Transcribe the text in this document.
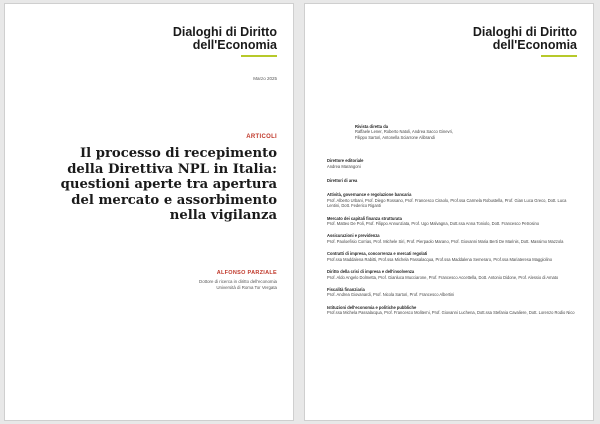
Dialoghi di Diritto
dell'Economia
Marzo 2025
ARTICOLI
Il processo di recepimento della Direttiva NPL in Italia: questioni aperte tra apertura del mercato e assorbimento nella vigilanza
ALFONSO PARZIALE
Dottore di ricerca in diritto dell'economia
Università di Roma Tor Vergata
Dialoghi di Diritto
dell'Economia
Rivista diretta da
Raffaele Lener, Roberto Natoli, Andrea Sacco Ginevri,
Filippo Sartori, Antonella Sciarrone Alibrandi
Direttore editoriale
Andrea Marangoni
Direttori di area
Attività, governance e regolazione bancaria
Prof. Alberto Urbani, Prof. Diego Rossano, Prof. Francesco Ciraolo, Prof.ssa Carmela Robustella, Prof. Gian Luca Greco, Dott. Luca Lentini, Dott. Federico Riganti
Mercato dei capitali finanza strutturata
Prof. Matteo De Poli, Prof. Filippo Annunziata, Prof. Ugo Malvagna, Dott.ssa Anna Toniolo, Dott. Francesco Petrosino
Assicurazioni e previdenza
Prof. Paoloefisio Corrias, Prof. Michele Siri, Prof. Pierpaolo Marano, Prof. Giovanni Maria Berti De Marinis, Dott. Massimo Mazzola
Contratti di impresa, concorrenza e mercati regolati
Prof.ssa Maddalena Rabitti, Prof.ssa Michela Passalacqua, Prof.ssa Maddalena Semeraro, Prof.ssa Mariateresa Maggiolino
Diritto della crisi di impresa e dell'insolvenza
Prof. Aldo Angelo Dolmetta, Prof. Gianluca Mucciarone, Prof. Francesco Accettella, Dott. Antonio Didone, Prof. Alessio di Amato
Fiscalità finanziaria
Prof. Andrea Giovanardi, Prof. Nicola Sartori, Prof. Francesco Albertini
Istituzioni dell'economia e politiche pubbliche
Prof.ssa Michela Passalacqua, Prof. Francesco Moliterni, Prof. Giovanni Luchena, Dott.ssa Stefania Cavaliere, Dott. Lorenzo Rodio Nico
